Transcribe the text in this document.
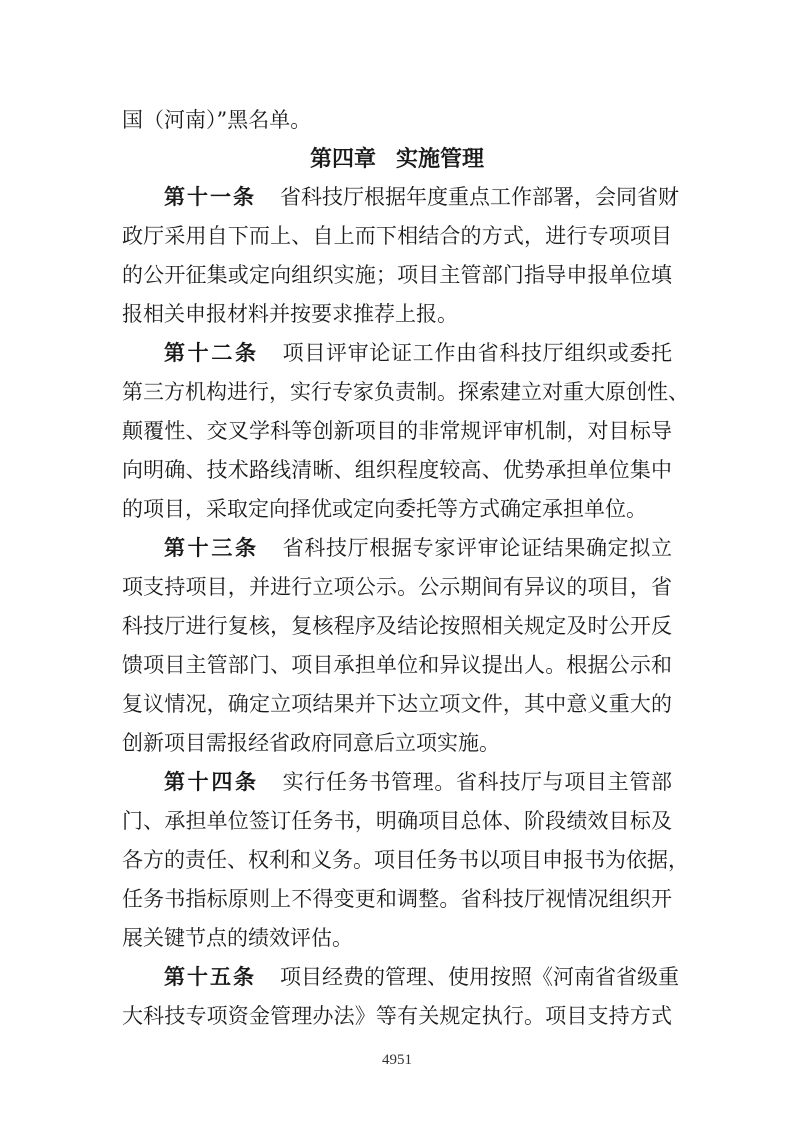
国（河南）”黑名单。
第四章 实施管理
第十一条 省科技厅根据年度重点工作部署，会同省财
政厅采用自下而上、自上而下相结合的方式，进行专项项目
的公开征集或定向组织实施；项目主管部门指导申报单位填
报相关申报材料并按要求推荐上报。
第十二条 项目评审论证工作由省科技厅组织或委托
第三方机构进行，实行专家负责制。探索建立对重大原创性、
颠覆性、交叉学科等创新项目的非常规评审机制，对目标导
向明确、技术路线清晰、组织程度较高、优势承担单位集中
的项目，采取定向择优或定向委托等方式确定承担单位。
第十三条 省科技厅根据专家评审论证结果确定拟立
项支持项目，并进行立项公示。公示期间有异议的项目，省
科技厅进行复核，复核程序及结论按照相关规定及时公开反
馈项目主管部门、项目承担单位和异议提出人。根据公示和
复议情况，确定立项结果并下达立项文件，其中意义重大的
创新项目需报经省政府同意后立项实施。
第十四条 实行任务书管理。省科技厅与项目主管部
门、承担单位签订任务书，明确项目总体、阶段绩效目标及
各方的责任、权利和义务。项目任务书以项目申报书为依据，
任务书指标原则上不得变更和调整。省科技厅视情况组织开
展关键节点的绩效评估。
第十五条 项目经费的管理、使用按照《河南省省级重
大科技专项资金管理办法》等有关规定执行。项目支持方式
4951
